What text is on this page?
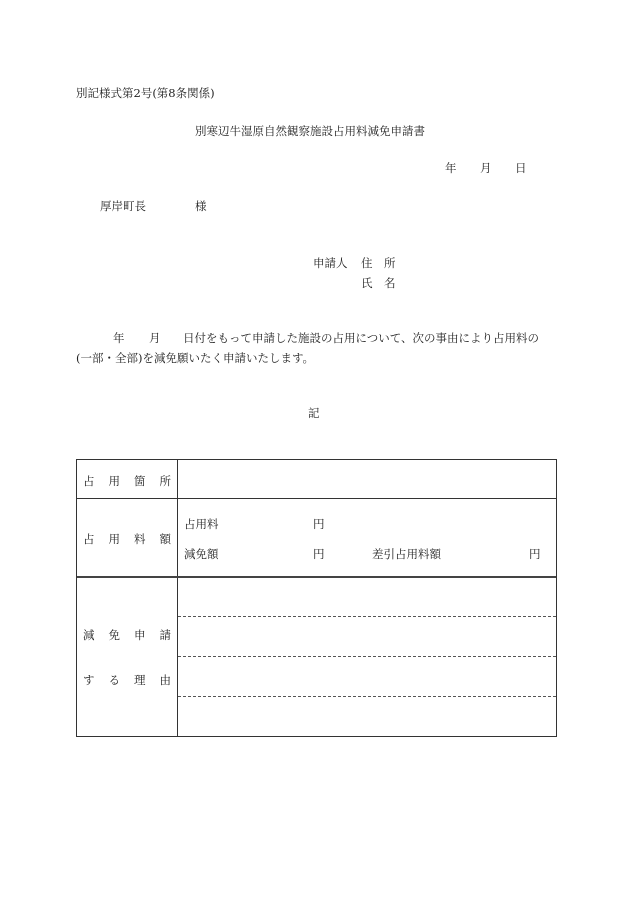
別記様式第2号(第8条関係)
別寒辺牛湿原自然観察施設占用料減免申請書
年 月 日
厚岸町長	様
申請人 住　所
氏　名
年 月 日付をもって申請した施設の占用について、次の事由により占用料の
(一部・全部)を減免願いたく申請いたします。
記
占 用 箇 所
占 用 料 額
占用料	円
減免額	円	差引占用料額	円
減 免 申 請
す る 理 由
